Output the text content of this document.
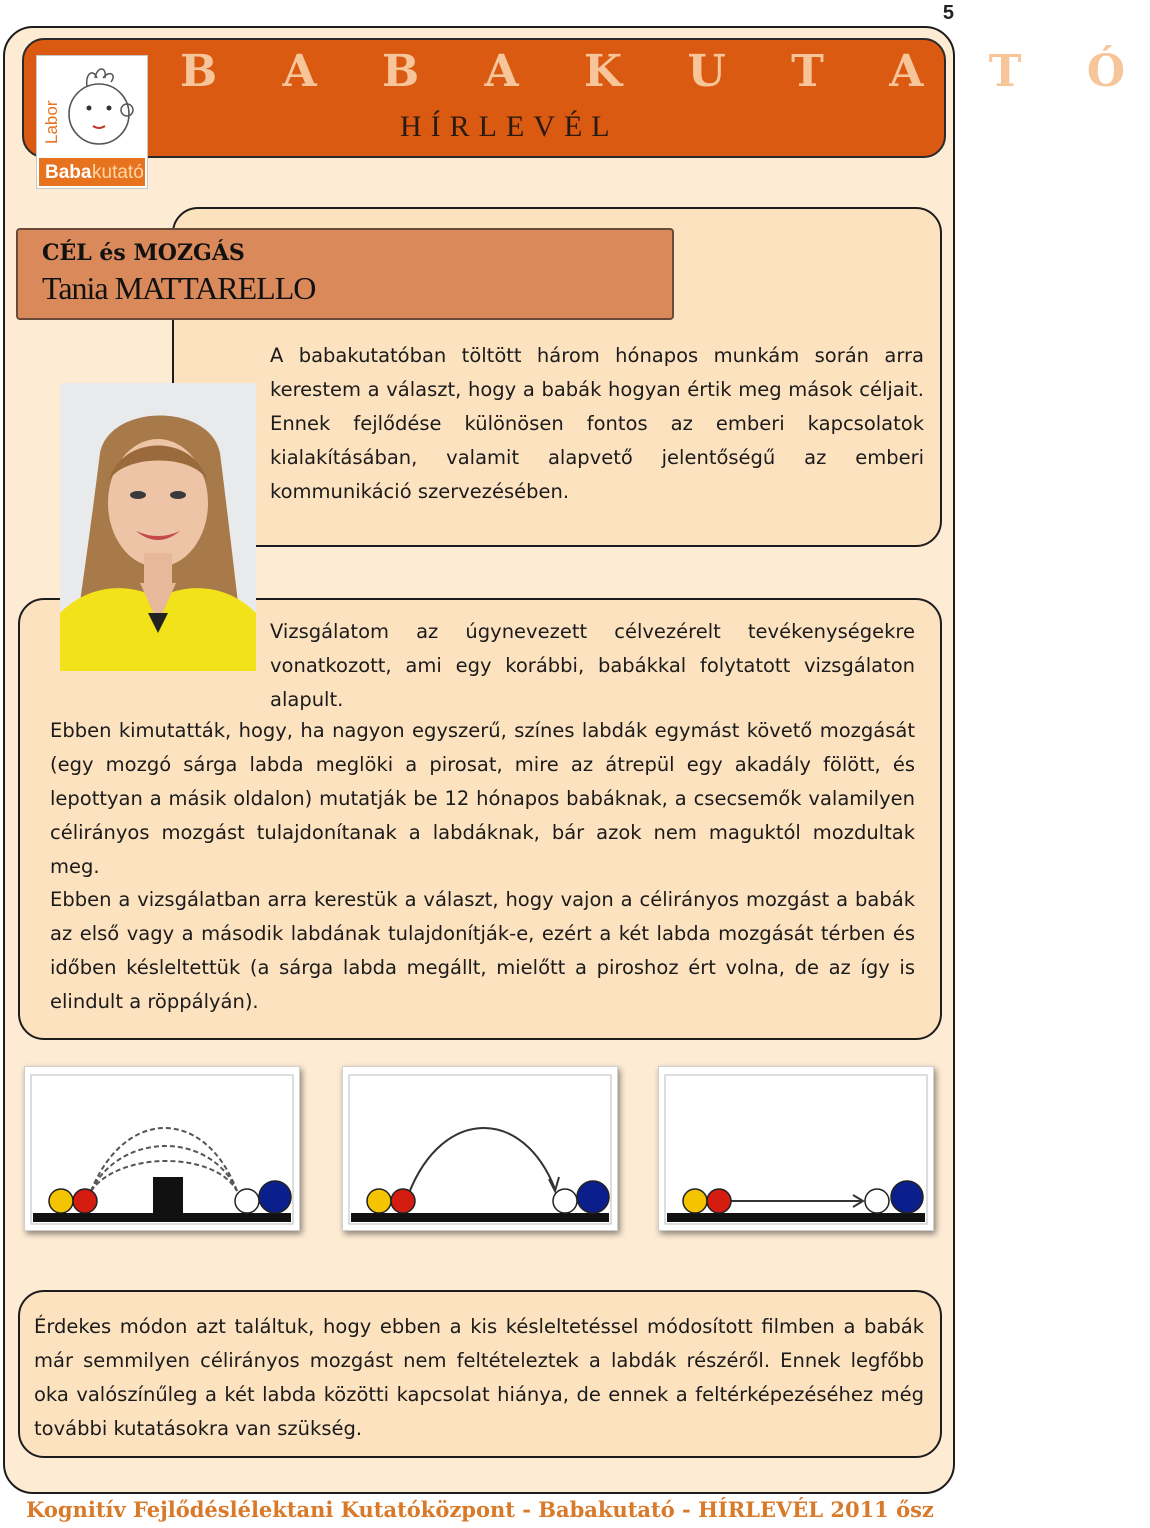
5
B A B A K U T A T Ó
HÍRLEVÉL
Labor
Baba kutató
CÉL és MOZGÁS
Tania MATTARELLO

A babakutatóban töltött három hónapos munkám során arra kerestem a választ, hogy a babák hogyan értik meg mások céljait. Ennek fejlődése különösen fontos az emberi kapcsolatok kialakításában, valamit alapvető jelentőségű az emberi kommunikáció szervezésében.

Vizsgálatom az úgynevezett célvezérelt tevékenységekre vonatkozott, ami egy korábbi, babákkal folytatott vizsgálaton alapult.

Ebben kimutatták, hogy, ha nagyon egyszerű, színes labdák egymást követő mozgását (egy mozgó sárga labda meglöki a pirosat, mire az átrepül egy akadály fölött, és lepottyan a másik oldalon) mutatják be 12 hónapos babáknak, a csecsemők valamilyen célirányos mozgást tulajdonítanak a labdáknak, bár azok nem maguktól mozdultak meg.

Ebben a vizsgálatban arra kerestük a választ, hogy vajon a célirányos mozgást a babák az első vagy a második labdának tulajdonítják-e, ezért a két labda mozgását térben és időben késleltettük (a sárga labda megállt, mielőtt a piroshoz ért volna, de az így is elindult a röppályán).

Érdekes módon azt találtuk, hogy ebben a kis késleltetéssel módosított filmben a babák már semmilyen célirányos mozgást nem feltételeztek a labdák részéről. Ennek legfőbb oka valószínűleg a két labda közötti kapcsolat hiánya, de ennek a feltérképezéséhez még további kutatásokra van szükség.

Kognitív Fejlődéslélektani Kutatóközpont - Babakutató - HÍRLEVÉL 2011 ősz
